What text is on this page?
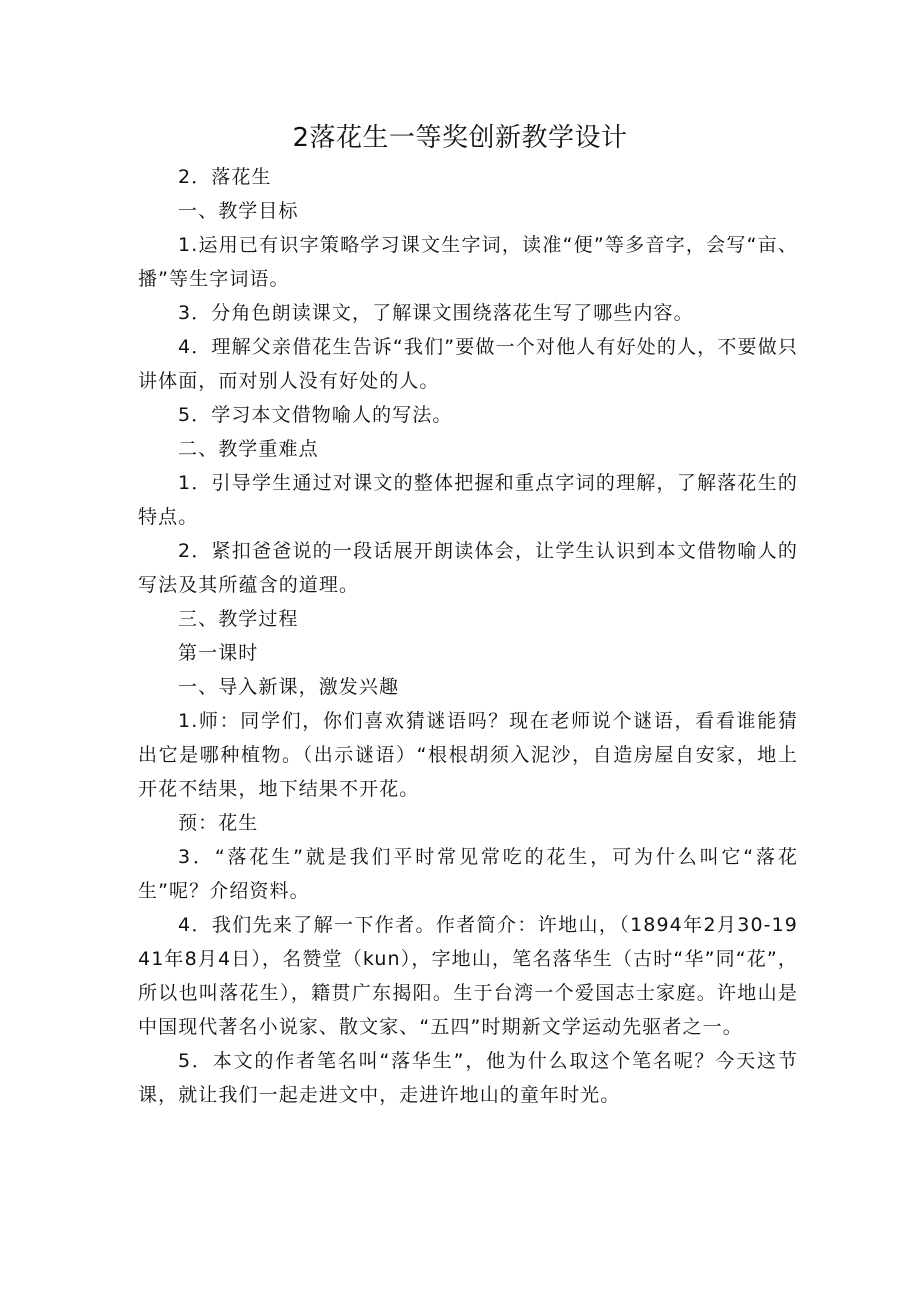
2落花生一等奖创新教学设计

2．落花生

一、教学目标

1.运用已有识字策略学习课文生字词，读准“便”等多音字，会写“亩、播”等生字词语。

3．分角色朗读课文，了解课文围绕落花生写了哪些内容。

4．理解父亲借花生告诉“我们”要做一个对他人有好处的人，不要做只讲体面，而对别人没有好处的人。

5．学习本文借物喻人的写法。

二、教学重难点

1．引导学生通过对课文的整体把握和重点字词的理解，了解落花生的特点。

2．紧扣爸爸说的一段话展开朗读体会，让学生认识到本文借物喻人的写法及其所蕴含的道理。

三、教学过程

第一课时

一、导入新课，激发兴趣

1.师：同学们，你们喜欢猜谜语吗？现在老师说个谜语，看看谁能猜出它是哪种植物。（出示谜语）“根根胡须入泥沙，自造房屋自安家，地上开花不结果，地下结果不开花。

预：花生

3．“落花生”就是我们平时常见常吃的花生，可为什么叫它“落花生”呢？介绍资料。

4．我们先来了解一下作者。作者简介：许地山，（1894年2月30-1941年8月4日），名赞堂（kun），字地山，笔名落华生（古时“华”同“花”，所以也叫落花生），籍贯广东揭阳。生于台湾一个爱国志士家庭。许地山是中国现代著名小说家、散文家、“五四”时期新文学运动先驱者之一。

5．本文的作者笔名叫“落华生”，他为什么取这个笔名呢？今天这节课，就让我们一起走进文中，走进许地山的童年时光。
